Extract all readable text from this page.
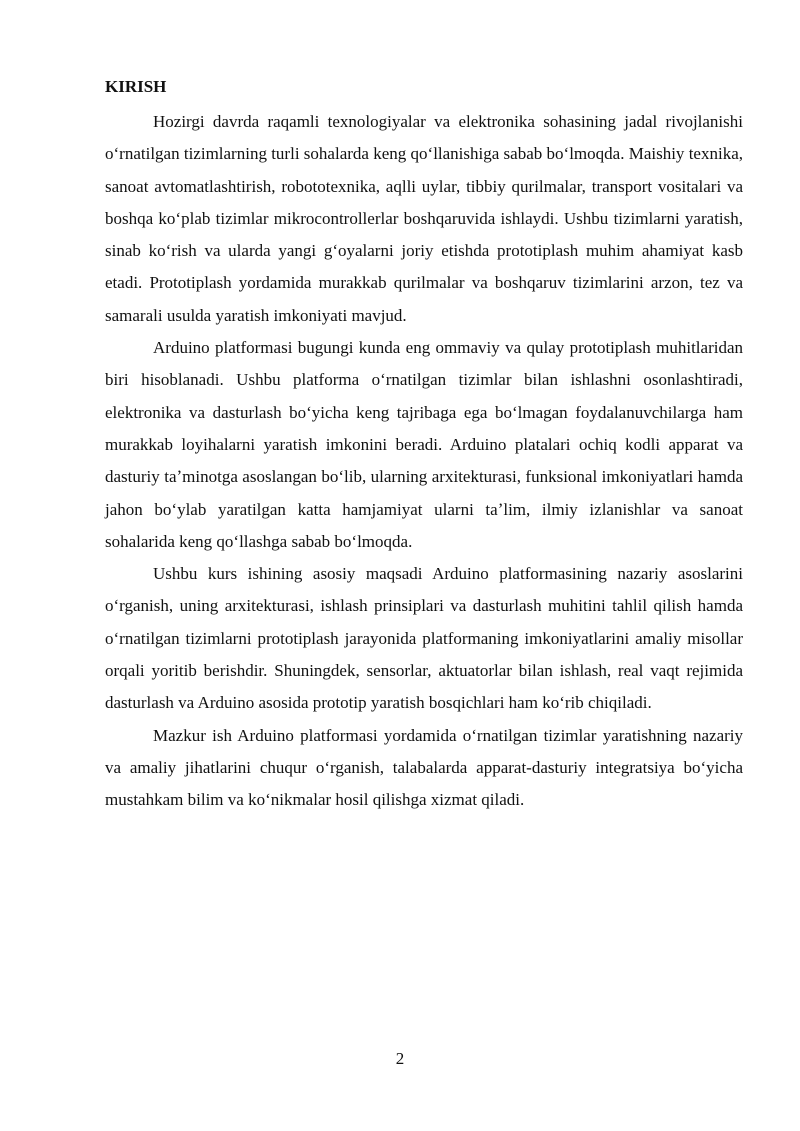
KIRISH

Hozirgi davrda raqamli texnologiyalar va elektronika sohasining jadal rivojlanishi oʻrnatilgan tizimlarning turli sohalarda keng qoʻllanishiga sabab boʻlmoqda. Maishiy texnika, sanoat avtomatlashtirish, robototexnika, aqlli uylar, tibbiy qurilmalar, transport vositalari va boshqa koʻplab tizimlar mikrocontrollerlar boshqaruvida ishlaydi. Ushbu tizimlarni yaratish, sinab koʻrish va ularda yangi gʻoyalarni joriy etishda prototiplash muhim ahamiyat kasb etadi. Prototiplash yordamida murakkab qurilmalar va boshqaruv tizimlarini arzon, tez va samarali usulda yaratish imkoniyati mavjud.

Arduino platformasi bugungi kunda eng ommaviy va qulay prototiplash muhitlaridan biri hisoblanadi. Ushbu platforma oʻrnatilgan tizimlar bilan ishlashni osonlashtiradi, elektronika va dasturlash boʻyicha keng tajribaga ega boʻlmagan foydalanuvchilarga ham murakkab loyihalarni yaratish imkonini beradi. Arduino platalari ochiq kodli apparat va dasturiy taʼminotga asoslangan boʻlib, ularning arxitekturasi, funksional imkoniyatlari hamda jahon boʻylab yaratilgan katta hamjamiyat ularni taʼlim, ilmiy izlanishlar va sanoat sohalarida keng qoʻllashga sabab boʻlmoqda.

Ushbu kurs ishining asosiy maqsadi Arduino platformasining nazariy asoslarini oʻrganish, uning arxitekturasi, ishlash prinsiplari va dasturlash muhitini tahlil qilish hamda oʻrnatilgan tizimlarni prototiplash jarayonida platformaning imkoniyatlarini amaliy misollar orqali yoritib berishdir. Shuningdek, sensorlar, aktuatorlar bilan ishlash, real vaqt rejimida dasturlash va Arduino asosida prototip yaratish bosqichlari ham koʻrib chiqiladi.

Mazkur ish Arduino platformasi yordamida oʻrnatilgan tizimlar yaratishning nazariy va amaliy jihatlarini chuqur oʻrganish, talabalarda apparat-dasturiy integratsiya boʻyicha mustahkam bilim va koʻnikmalar hosil qilishga xizmat qiladi.

2
